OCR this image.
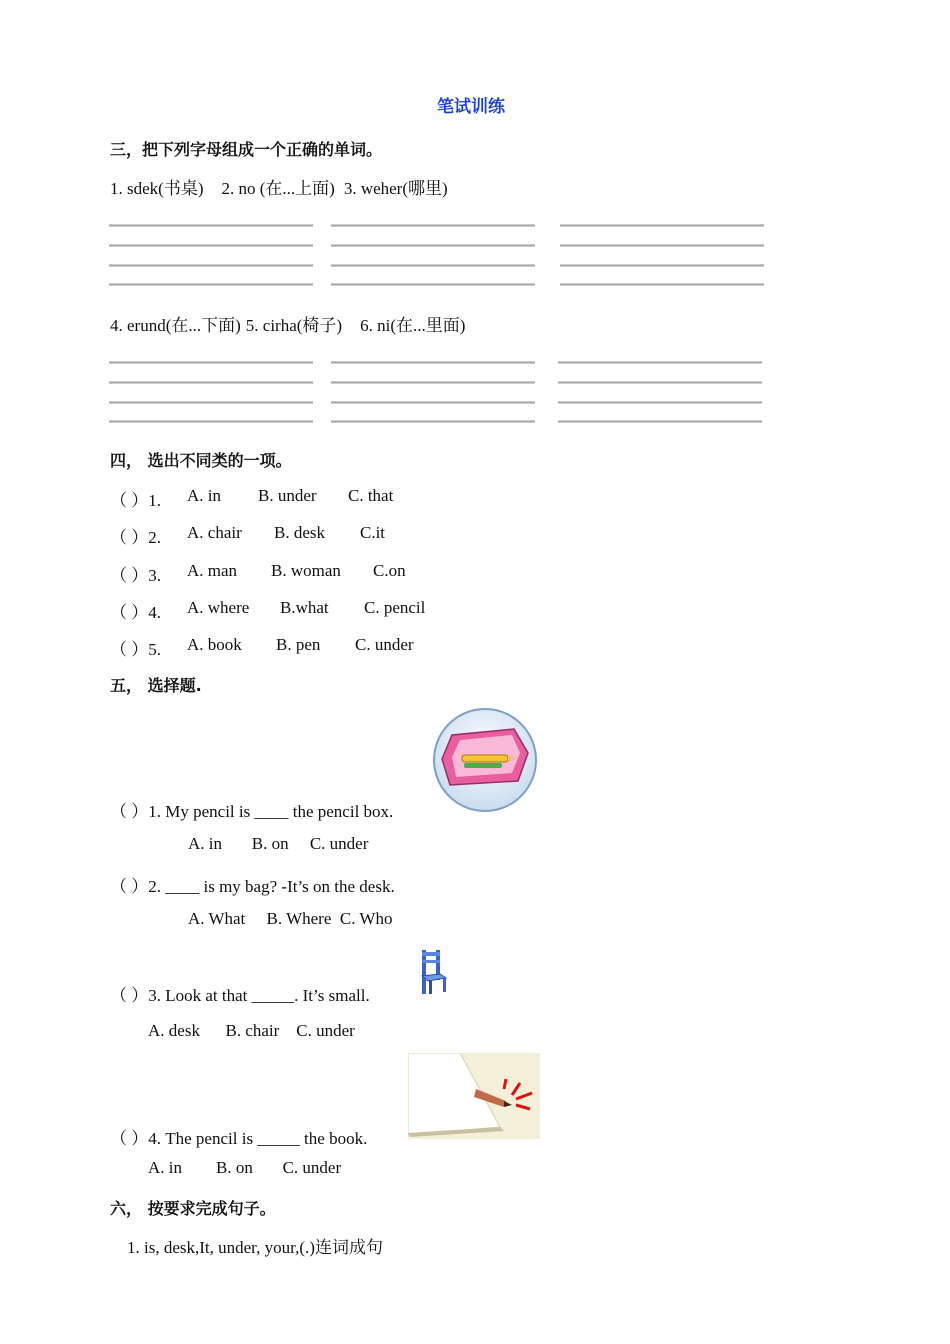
笔试训练
三，把下列字母组成一个正确的单词。
1. sdek(书桌) 2. no (在...上面) 3. weher(哪里)
4. erund(在...下面) 5. cirha(椅子) 6. ni(在...里面)
四， 选出不同类的一项。
（ ）1. A. in B. under C. that
（ ）2. A. chair B. desk C.it
（ ）3. A. man B. woman C.on
（ ）4. A. where B.what C. pencil
（ ）5. A. book B. pen C. under
五， 选择题.
（ ）1. My pencil is ____ the pencil box.
A. in       B. on     C. under
（ ）2. ____ is my bag? -It’s on the desk.
A. What     B. Where  C. Who
（ ）3. Look at that _____. It’s small.
A. desk      B. chair    C. under
（ ）4. The pencil is _____ the book.
A. in        B. on       C. under
六， 按要求完成句子。
1. is, desk,It, under, your,(.)连词成句
